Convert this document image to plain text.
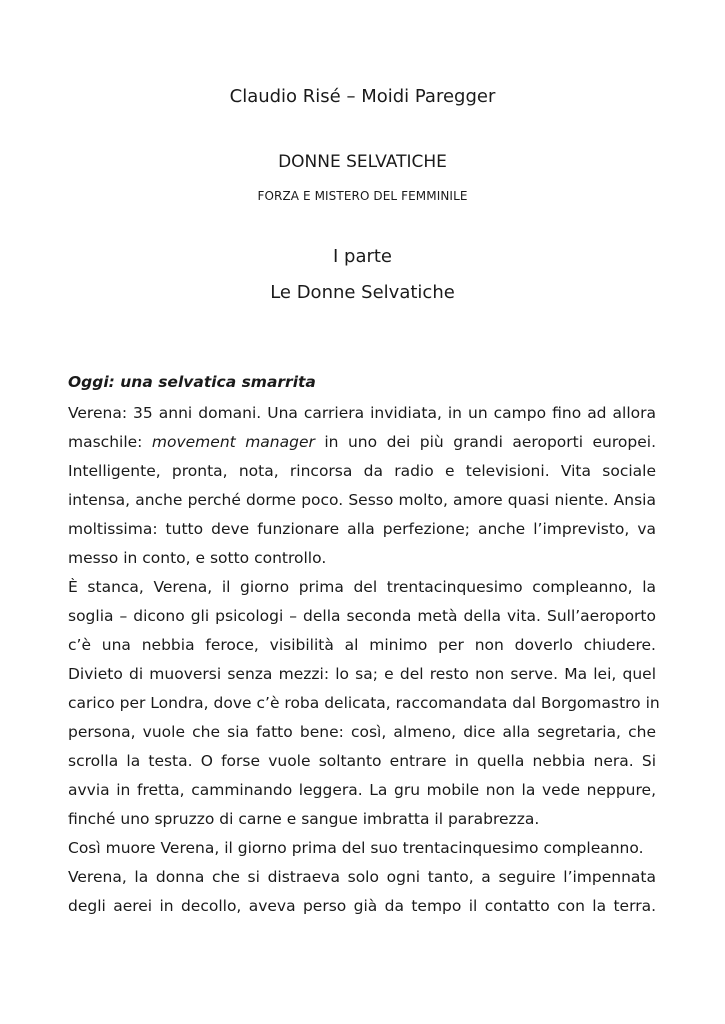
Claudio Risé – Moidi Paregger
DONNE SELVATICHE
FORZA E MISTERO DEL FEMMINILE
I parte
Le Donne Selvatiche
Oggi: una selvatica smarrita
Verena: 35 anni domani. Una carriera invidiata, in un campo fino ad allora
maschile: movement manager in uno dei più grandi aeroporti europei.
Intelligente, pronta, nota, rincorsa da radio e televisioni. Vita sociale
intensa, anche perché dorme poco. Sesso molto, amore quasi niente. Ansia
moltissima: tutto deve funzionare alla perfezione; anche l’imprevisto, va
messo in conto, e sotto controllo.
È stanca, Verena, il giorno prima del trentacinquesimo compleanno, la
soglia – dicono gli psicologi – della seconda metà della vita. Sull’aeroporto
c’è una nebbia feroce, visibilità al minimo per non doverlo chiudere.
Divieto di muoversi senza mezzi: lo sa; e del resto non serve. Ma lei, quel
carico per Londra, dove c’è roba delicata, raccomandata dal Borgomastro in
persona, vuole che sia fatto bene: così, almeno, dice alla segretaria, che
scrolla la testa. O forse vuole soltanto entrare in quella nebbia nera. Si
avvia in fretta, camminando leggera. La gru mobile non la vede neppure,
finché uno spruzzo di carne e sangue imbratta il parabrezza.
Così muore Verena, il giorno prima del suo trentacinquesimo compleanno.
Verena, la donna che si distraeva solo ogni tanto, a seguire l’impennata
degli aerei in decollo, aveva perso già da tempo il contatto con la terra.
